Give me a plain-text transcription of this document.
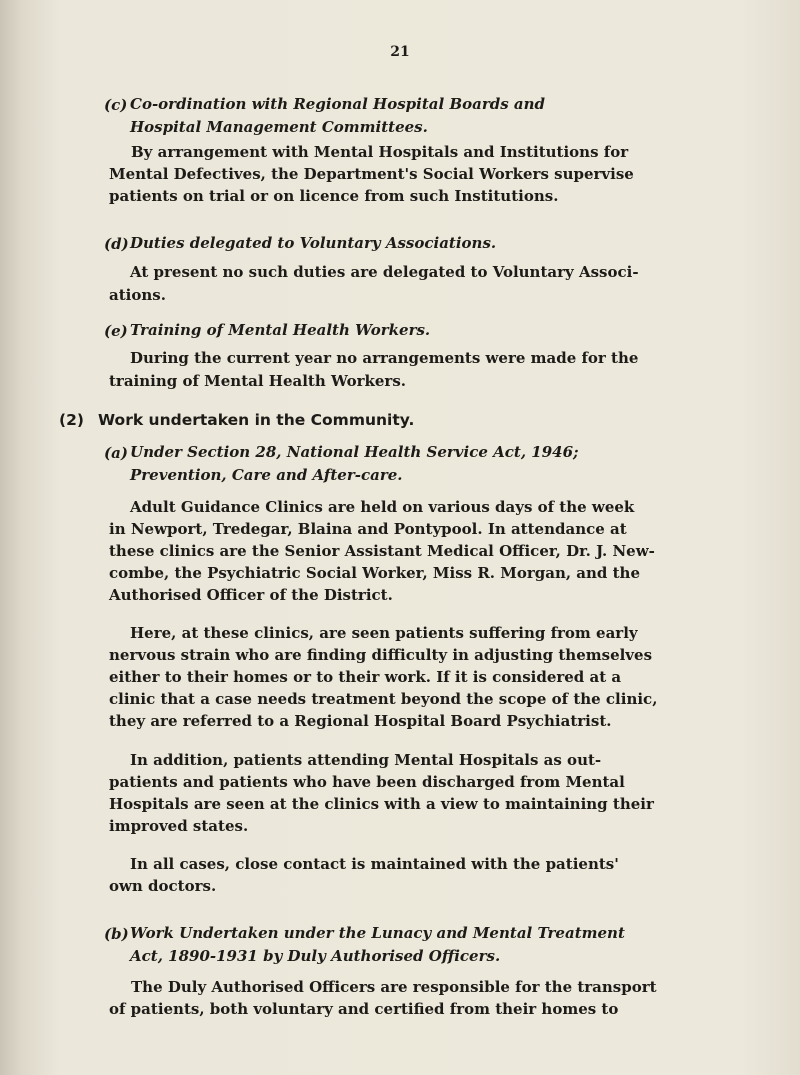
21
(c) Co-ordination with Regional Hospital Boards and
Hospital Management Committees.
By arrangement with Mental Hospitals and Institutions for
Mental Defectives, the Department's Social Workers supervise
patients on trial or on licence from such Institutions.
(d) Duties delegated to Voluntary Associations.
At present no such duties are delegated to Voluntary Associ-
ations.
(e) Training of Mental Health Workers.
During the current year no arrangements were made for the
training of Mental Health Workers.
(2) Work undertaken in the Community.
(a) Under Section 28, National Health Service Act, 1946;
Prevention, Care and After-care.
Adult Guidance Clinics are held on various days of the week
in Newport, Tredegar, Blaina and Pontypool. In attendance at
these clinics are the Senior Assistant Medical Officer, Dr. J. New-
combe, the Psychiatric Social Worker, Miss R. Morgan, and the
Authorised Officer of the District.
Here, at these clinics, are seen patients suffering from early
nervous strain who are finding difficulty in adjusting themselves
either to their homes or to their work. If it is considered at a
clinic that a case needs treatment beyond the scope of the clinic,
they are referred to a Regional Hospital Board Psychiatrist.
In addition, patients attending Mental Hospitals as out-
patients and patients who have been discharged from Mental
Hospitals are seen at the clinics with a view to maintaining their
improved states.
In all cases, close contact is maintained with the patients'
own doctors.
(b) Work Undertaken under the Lunacy and Mental Treatment
Act, 1890-1931 by Duly Authorised Officers.
The Duly Authorised Officers are responsible for the transport
of patients, both voluntary and certified from their homes to
